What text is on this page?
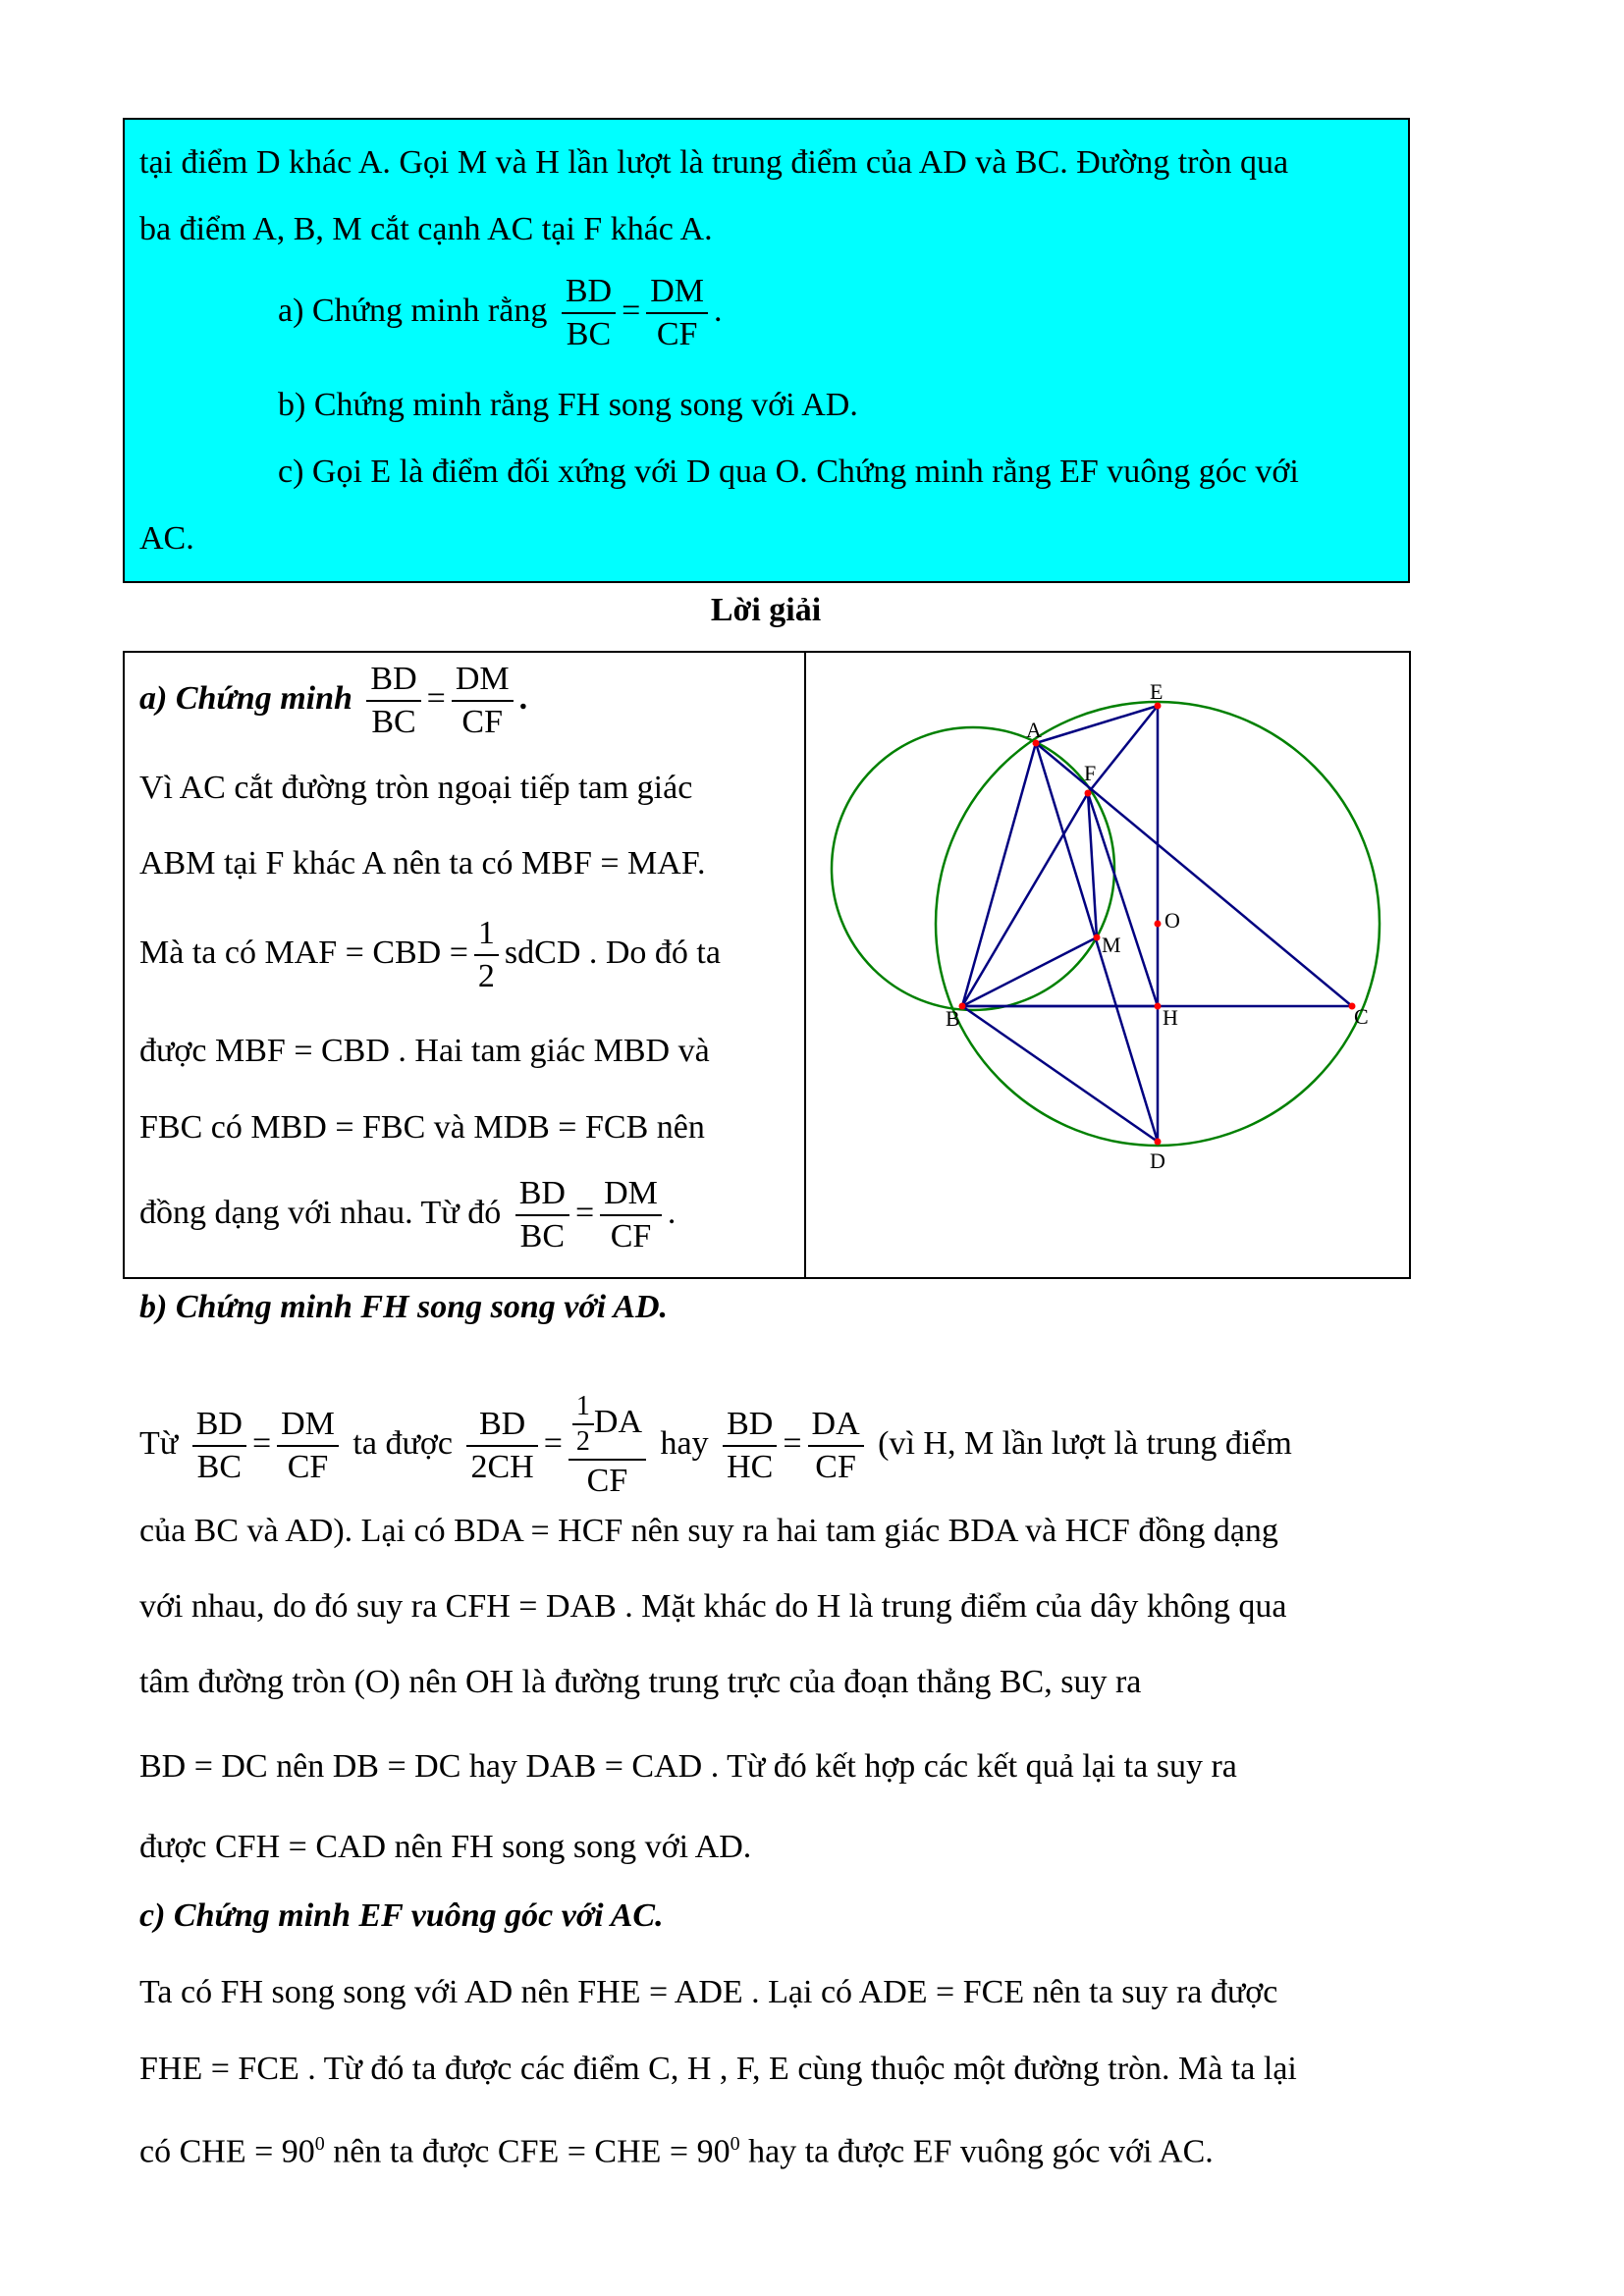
tại điểm D khác A. Gọi M và H lần lượt là trung điểm của AD và BC. Đường tròn qua
ba điểm A, B, M cắt cạnh AC tại F khác A.
a) Chứng minh rằng $\frac{BD}{BC} = \frac{DM}{CF}$ .
b) Chứng minh rằng FH song song với AD.
c) Gọi E là điểm đối xứng với D qua O. Chứng minh rằng EF vuông góc với
AC.
Lời giải
a) Chứng minh $\frac{BD}{BC} = \frac{DM}{CF}$ .
Vì AC cắt đường tròn ngoại tiếp tam giác
ABM tại F khác A nên ta có MBF = MAF.
Mà ta có MAF = CBD = $\frac{1}{2}$ sdCD . Do đó ta
được MBF = CBD . Hai tam giác MBD và
FBC có MBD = FBC và MDB = FCB nên
đồng dạng với nhau. Từ đó $\frac{BD}{BC} = \frac{DM}{CF}$ .
A
E
F
O
M
B	H	C
D
b) Chứng minh FH song song với AD.
Từ $\frac{BD}{BC} = \frac{DM}{CF}$ ta được $\frac{BD}{2CH} = \frac{\frac{1}{2} DA}{CF}$ hay $\frac{BD}{HC} = \frac{DA}{CF}$ (vì H, M lần lượt là trung điểm
của BC và AD). Lại có BDA = HCF nên suy ra hai tam giác BDA và HCF đồng dạng
với nhau, do đó suy ra CFH = DAB . Mặt khác do H là trung điểm của dây không qua
tâm đường tròn (O) nên OH là đường trung trực của đoạn thẳng BC, suy ra
BD = DC nên DB = DC hay DAB = CAD . Từ đó kết hợp các kết quả lại ta suy ra
được CFH = CAD nên FH song song với AD.
c) Chứng minh EF vuông góc với AC.
Ta có FH song song với AD nên FHE = ADE . Lại có ADE = FCE nên ta suy ra được
FHE = FCE . Từ đó ta được các điểm C, H , F, E cùng thuộc một đường tròn. Mà ta lại
có CHE = $90^0$ nên ta được CFE = CHE = $90^0$ hay ta được EF vuông góc với AC.
